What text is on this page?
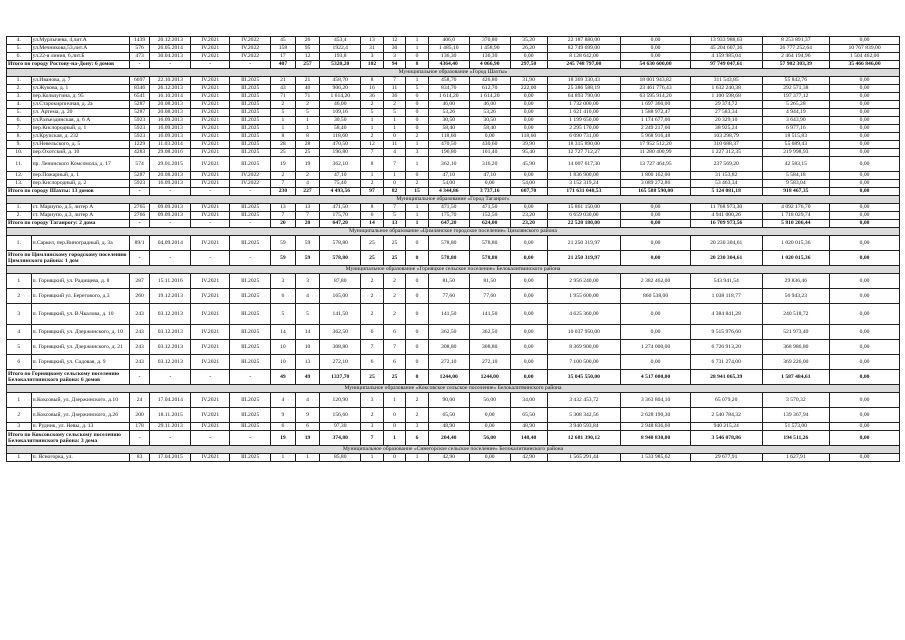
4.	ул.Мурлычева, 4,лит.А	1439	20.12.2013	IV.2021	IV.2022	45	26	453,4	13	12	1	406,0	370,80	35,20	22 187 880,00	0,00	13 933 988,63	8 253 891,37	0,00
5.	ул.Мечникова,53,лит.А	576	26.05.2014	IV.2021	IV.2022	158	95	1922,4	31	30	1	1 485,10	1 458,90	26,20	82 749 699,00	0,00	45 204 607,36	26 777 252,64	10 767 839,00
6.	ул.22-я линия, 6,лит.Б	473	30.04.2013	IV.2021	IV.2022	17	12	193,8	3	3	0	136,30	136,30	0,00	8 128 642,00	0,00	4 159 985,04	2 464 194,96	1 504 462,00
Итого по городу Ростову-на-Дону: 6 домов		-	-	-	-	407	257	5320,20	102	94	8	4364,40	4 066,90	297,50	245 748 797,00	54 630 600,00	97 749 047,61	57 902 303,39	35 466 846,00
Муниципальное образование «Город Шахты»																			
1.	ул.Иванова, д. 7	6697	22.10.2013	IV.2021	III.2025	21	21	458,70	8	7	1	458,70	426,80	31,90	18 369 330,43	18 001 943,82	311 543,85	55 842,76	0,00
2.	ул.Жукова, д. 1	8346	26.12.2013	IV.2021	III.2025	43	40	906,20	16	11	5	834,70	612,70	222,00	25 386 588,19	23 461 776,43	1 632 240,38	292 571,38	0,00
3.	пер.Кольчугина, д. 95	6541	16.10.2014	IV.2021	III.2025	71	71	1 614,20	36	36	0	1 614,20	1 614,20	0,00	64 893 790,00	63 595 914,20	1 100 598,68	197 377,12	0,00
4.	ул.Старокирпичная, д. 2а	5287	20.08.2013	IV.2021	III.2025	2	2	46,00	2	2	0	46,00	46,00	0,00	1 732 000,00	1 697 360,00	29 374,72	5 265,28	0,00
5.	ул. Артема, д. 20	5287	20.08.2013	IV.2021	III.2025	5	5	109,16	5	5	0	53,26	53,26	0,00	1 621 410,00	1 588 972,47	27 583,34	4 944,19	0,00
6.	ул.Разъездинская, д. 6 А	5923	16.09.2013	IV.2021	III.2025	1	1	30,50	1	1	0	30,50	30,50	0,00	1 199 650,00	1 174 677,00	20 329,10	3 643,90	0,00
7.	пер.Кислородный, д. 1	5923	16.09.2013	IV.2021	III.2025	1	1	58,40	1	1	0	58,40	58,40	0,00	2 295 170,00	2 249 217,60	38 925,24	6 977,16	0,00
8.	ул.Крупская, д. 232	5923	16.09.2013	IV.2021	III.2025	8	8	118,60	2	0	2	118,60	0,00	118,60	6 090 731,00	5 968 916,48	103 298,79	18 515,83	0,00
9.	ул.Невельского, д. 5	1229	11.03.2014	IV.2021	III.2025	28	28	470,50	12	11	1	470,50	430,60	39,90	18 315 890,00	17 952 512,20	310 688,37	55 689,43	0,00
10.	пер.Охотский, д. 10	4283	29.08.2016	IV.2021	III.2025	25	25	196,80	7	4	3	196,80	101,40	95,40	12 727 712,27	11 280 400,99	1 227 312,35	219 998,93	0,00
11.	пр. Ленинского Комсомола, д. 17	574	29.01.2015	IV.2021	III.2025	19	19	362,10	8	7	1	362,10	316,20	45,90	14 007 617,30	13 727 464,95	237 569,20	42 583,15	0,00
12.	пер.Пожарный, д. 1	5287	20.08.2013	IV.2021	IV.2022	2	2	47,10	1	1	0	47,10	47,10	0,00	1 836 900,00	1 800 162,00	31 153,82	5 584,18	0,00
13.	пер.Кислородный, д. 2	5923	16.09.2013	IV.2021	IV.2022	7	4	75,40	2	0	2	54,00	0,00	54,00	3 152 319,24	3 089 272,86	53 463,34	9 583,04	0,00
Итого по городу Шахты: 13 домов		-	-	-	-	230	227	4 493,56	97	82	15	4 344,86	3 737,16	607,70	171 631 048,53	165 588 590,00	5 124 081,18	918 467,35	0,00
Муниципальное образование «Город Таганрог»																			
1.	ст. Мариупо, д.5, литер А	2765	09.09.2013	IV.2021	III.2025	13	13	471,50	8	7	1	471,50	471,50	0,00	15 861 150,00	0,00	11 768 973,30	4 092 176,70	0,00
2.	ст. Мариупо, д.3, литер А	2766	09.09.2013	IV.2021	III.2025	7	7	175,70	6	5	1	175,70	152,50	23,20	6 659 030,00	0,00	4 941 000,26	1 718 029,74	0,00
Итого по городу Таганрогу: 2 дома		-	-	-	-	20	20	647,20	14	13	1	647,20	624,00	23,20	22 520 180,00	0,00	16 709 973,56	5 810 206,44	0,00
Муниципальное образование «Цимлянское городское поселение» Цимлянского района																			
1.	п.Саркел, пер.Виноградный, д. 3а	89/1	04.09.2014	IV.2021	III.2025	59	59	578,80	25	25	0	578,80	578,80	0,00	21 250 319,97	0,00	20 230 304,61	1 020 015,36	0,00
Итого по Цимлянскому городскому поселению Цимлянского района: 1 дом		-	-	-	-	59	59	578,80	25	25	0	578,80	578,80	0,00	21 250 319,97	0,00	20 230 304,61	1 020 015,36	0,00
Муниципальное образование «Горняцкое сельское поселение» Белокалитвинского района																			
1	п. Горняцкий, ул. Радищева, д. 8	287	15.11.2016	IV.2021	III.2025	3	3	87,80	2	2	0	81,50	81,50	0,00	2 956 240,00	2 382 462,00	543 941,54	29 836,46	0,00
2	п. Горняцкий ул. Берегового, д.3	260	19.12.2013	IV.2021	III.2025	6	4	165,00	2	2	0	77,60	77,60	0,00	1 955 600,00	860 538,00	1 038 118,77	56 943,23	0,00
3	п. Горняцкий, ул. В.Чкалова, д. 10	243	03.12.2013	IV.2021	III.2025	5	5	141,50	2	2	0	141,50	141,50	0,00	4 625 360,00	0,00	4 384 841,28	240 518,72	0,00
4	п. Горняцкий, ул. Дзержинского, д. 10	243	03.12.2013	IV.2021	III.2025	14	14	362,50	6	6	0	362,50	362,50	0,00	10 037 950,00	0,00	9 515 976,60	521 973,40	0,00
5	п. Горняцкий, ул. Дзержинского, д. 21	243	03.12.2013	IV.2021	III.2025	10	10	308,80	7	7	0	308,80	308,80	0,00	8 369 900,00	1 274 000,00	6 726 913,20	368 986,80	0,00
6	п. Горняцкий, ул. Садовая, д. 9	243	03.12.2013	IV.2021	III.2025	10	13	272,10	6	6	0	272,10	272,10	0,00	7 100 500,00	0,00	6 731 274,00	369 226,00	0,00
Итого по Горняцкому сельскому поселению Белокалитвинского района: 6 домов		-	-	-	-	49	49	1337,70	25	25	0	1244,00	1244,00	0,00	35 045 550,00	4 517 000,00	28 941 065,39	1 587 484,61	0,00
Муниципальное образование «Коксовское сельское поселение» Белокалитвинского района																			
1	п.Коксовый, ул. Дзержинского, д.10	24	17.04.2014	IV.2021	III.2025	4	4	120,90	3	1	2	90,00	56,00	34,00	3 432 453,72	3 363 804,10	65 079,20	3 570,32	0,00
2	п.Коксовый, ул. Дзержинского, д.26	200	18.11.2015	IV.2021	III.2025	9	9	156,60	2	0	2	65,50	0,00	65,50	5 308 342,56	2 628 190,30	2 540 784,32	139 367,94	0,00
3	п. Рудник, ул. Невы, д. 13	178	29.11.2013	IV.2021	III.2025	6	6	97,30	3	0	3	48,90	0,00	48,90	3 940 593,84	2 948 836,60	940 215,24	51 573,00	0,00
Итого по Коксовскому сельскому поселению Белокалитвинского района: 3 дома		-	-	-	-	19	19	374,80	7	1	6	204,40	56,00	148,40	12 681 390,12	8 940 830,00	3 546 078,86	194 511,26	0,00
Муниципальное образование «Синегорское сельское поселение» Белокалитвинского района																			
1	п. Ясногорка, ул.	83	17.04.2015	IV.2021	III.2025	1	1	85,80	1	0	1	42,90	0,00	42,90	1 565 291,44	1 533 985,62	29 677,91	1 627,91	0,00
